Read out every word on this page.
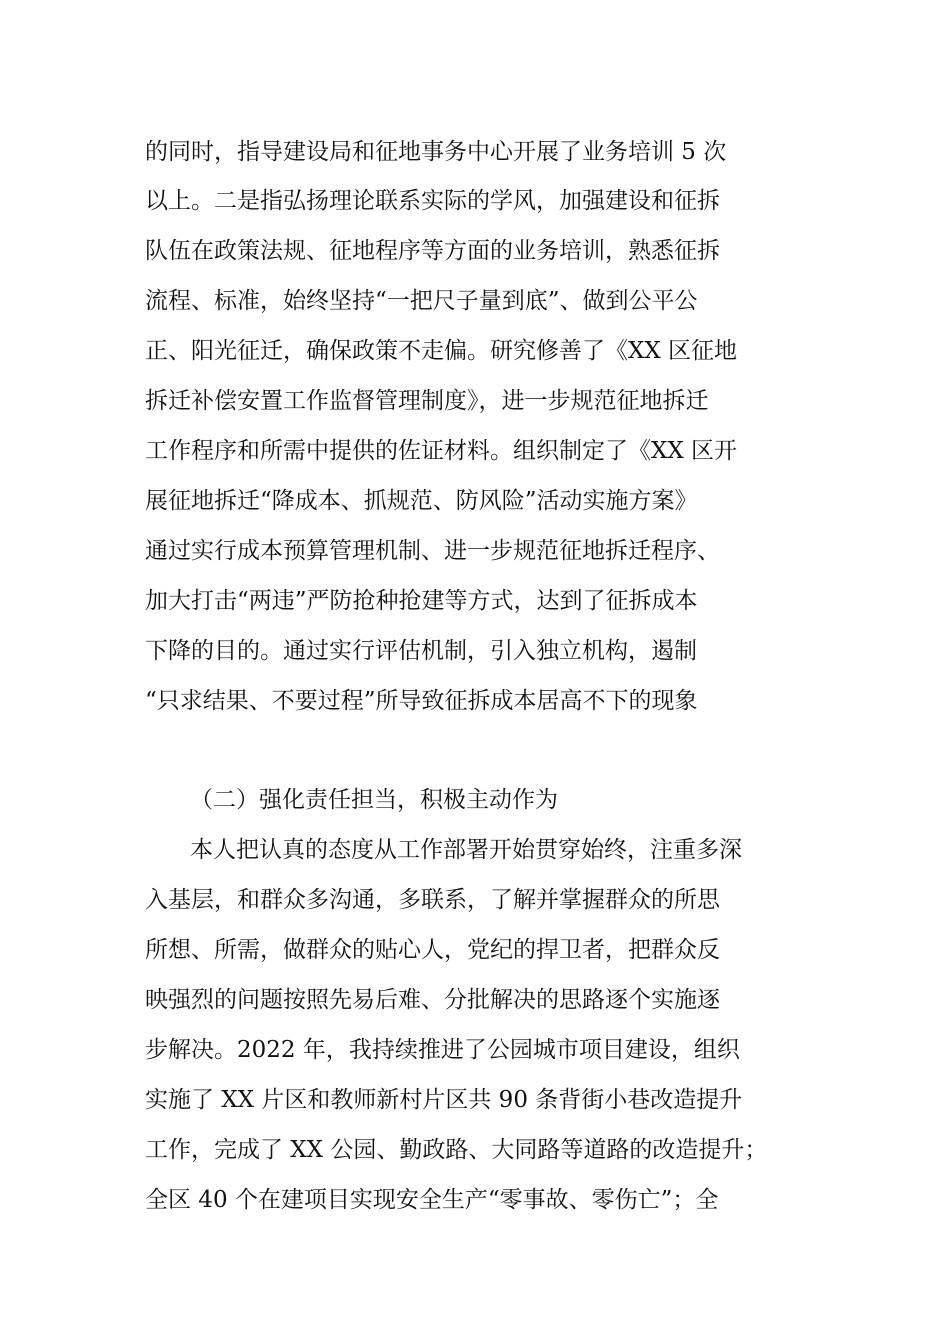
的同时，指导建设局和征地事务中心开展了业务培训 5 次
以上。二是指弘扬理论联系实际的学风，加强建设和征拆
队伍在政策法规、征地程序等方面的业务培训，熟悉征拆
流程、标准，始终坚持“一把尺子量到底”、做到公平公
正、阳光征迁，确保政策不走偏。研究修善了《XX 区征地
拆迁补偿安置工作监督管理制度》，进一步规范征地拆迁
工作程序和所需中提供的佐证材料。组织制定了《XX 区开
展征地拆迁“降成本、抓规范、防风险”活动实施方案》
通过实行成本预算管理机制、进一步规范征地拆迁程序、
加大打击“两违”严防抢种抢建等方式，达到了征拆成本
下降的目的。通过实行评估机制，引入独立机构，遏制
“只求结果、不要过程”所导致征拆成本居高不下的现象
（二）强化责任担当，积极主动作为
本人把认真的态度从工作部署开始贯穿始终，注重多深
入基层，和群众多沟通，多联系，了解并掌握群众的所思
所想、所需，做群众的贴心人，党纪的捍卫者，把群众反
映强烈的问题按照先易后难、分批解决的思路逐个实施逐
步解决。2022 年，我持续推进了公园城市项目建设，组织
实施了 XX 片区和教师新村片区共 90 条背街小巷改造提升
工作，完成了 XX 公园、勤政路、大同路等道路的改造提升；
全区 40 个在建项目实现安全生产“零事故、零伤亡”；全
